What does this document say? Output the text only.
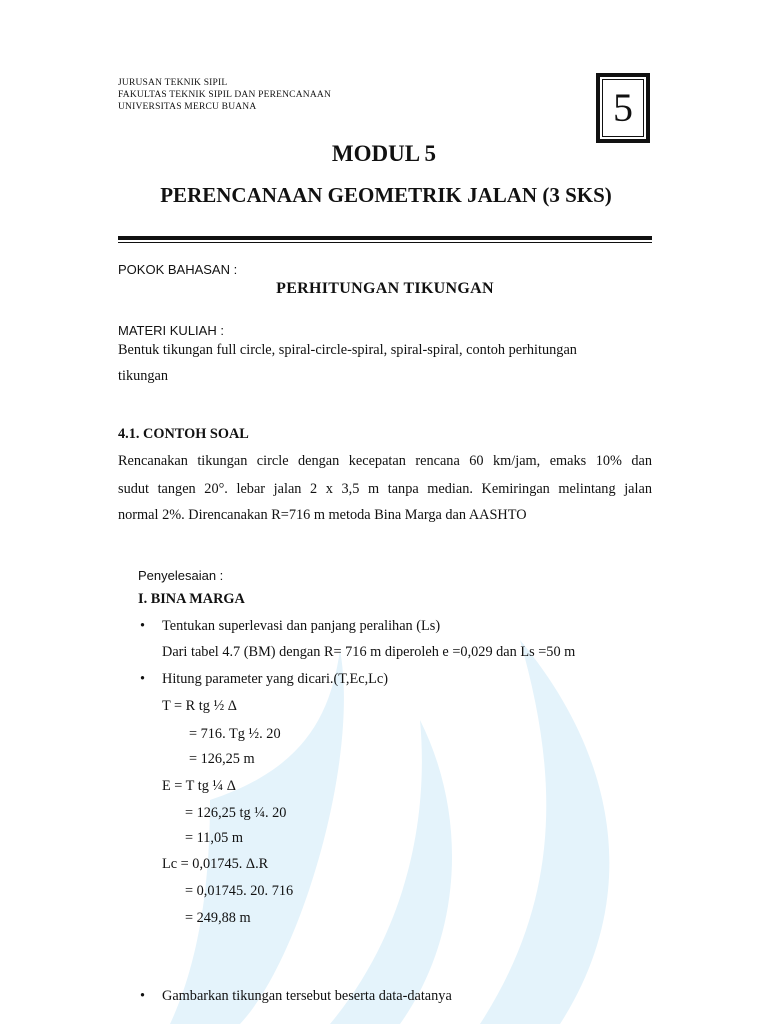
JURUSAN TEKNIK SIPIL
FAKULTAS TEKNIK SIPIL DAN PERENCANAAN
UNIVERSITAS MERCU BUANA	5
MODUL 5
PERENCANAAN GEOMETRIK JALAN (3 SKS)
POKOK BAHASAN :
PERHITUNGAN TIKUNGAN
MATERI KULIAH :
Bentuk tikungan full circle, spiral-circle-spiral, spiral-spiral, contoh perhitungan
tikungan
4.1. CONTOH SOAL
Rencanakan tikungan circle dengan kecepatan rencana 60 km/jam, emaks 10% dan
sudut tangen 20°. lebar jalan 2 x 3,5 m tanpa median. Kemiringan melintang jalan
normal 2%. Direncanakan R=716 m metoda Bina Marga dan AASHTO
Penyelesaian :
I. BINA MARGA
• Tentukan superlevasi dan panjang peralihan (Ls)
Dari tabel 4.7 (BM) dengan R= 716 m diperoleh e =0,029 dan Ls =50 m
• Hitung parameter yang dicari.(T,Ec,Lc)
T = R tg ½ Δ
= 716. Tg ½. 20
= 126,25 m
E = T tg ¼ Δ
= 126,25 tg ¼. 20
= 11,05 m
Lc = 0,01745. Δ.R
= 0,01745. 20. 716
= 249,88 m
• Gambarkan tikungan tersebut beserta data-datanya
